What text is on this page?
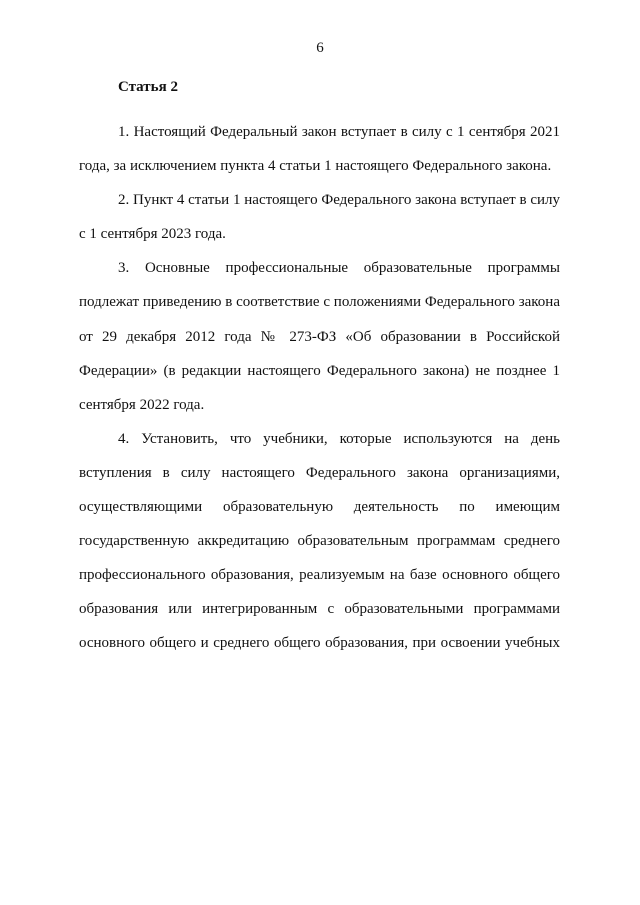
6
Статья 2

1. Настоящий Федеральный закон вступает в силу с 1 сентября 2021 года, за исключением пункта 4 статьи 1 настоящего Федерального закона.

2. Пункт 4 статьи 1 настоящего Федерального закона вступает в силу с 1 сентября 2023 года.

3. Основные профессиональные образовательные программы подлежат приведению в соответствие с положениями Федерального закона от 29 декабря 2012 года № 273-ФЗ «Об образовании в Российской Федерации» (в редакции настоящего Федерального закона) не позднее 1 сентября 2022 года.

4. Установить, что учебники, которые используются на день вступления в силу настоящего Федерального закона организациями, осуществляющими образовательную деятельность по имеющим государственную аккредитацию образовательным программам среднего профессионального образования, реализуемым на базе основного общего образования или интегрированным с образовательными программами основного общего и среднего общего образования, при освоении учебных
